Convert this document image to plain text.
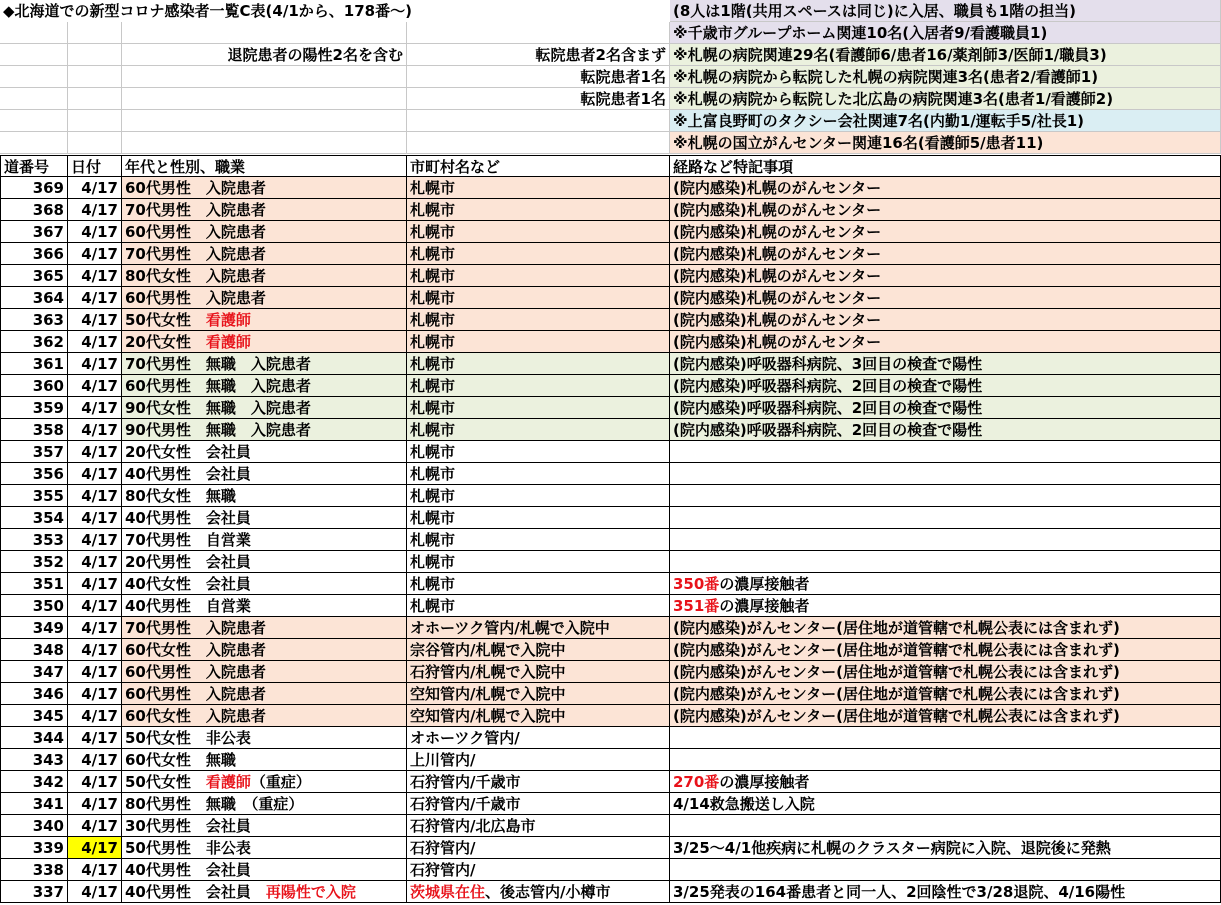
◆北海道での新型コロナ感染者一覧C表(4/1から、178番～)	(8人は1階(共用スペースは同じ)に入居、職員も1階の担当)
※千歳市グループホーム関連10名(入居者9/看護職員1)
退院患者の陽性2名を含む	転院患者2名含まず ※札幌の病院関連29名(看護師6/患者16/薬剤師3/医師1/職員3)
転院患者1名 ※札幌の病院から転院した札幌の病院関連3名(患者2/看護師1)
転院患者1名 ※札幌の病院から転院した北広島の病院関連3名(患者1/看護師2)
※上富良野町のタクシー会社関連7名(内勤1/運転手5/社長1)
※札幌の国立がんセンター関連16名(看護師5/患者11)
道番号	日付	年代と性別、職業	市町村名など	経路など特記事項
369	4/17 60代男性　入院患者	札幌市	(院内感染)札幌のがんセンター
368	4/17 70代男性　入院患者	札幌市	(院内感染)札幌のがんセンター
367	4/17 60代男性　入院患者	札幌市	(院内感染)札幌のがんセンター
366	4/17 70代男性　入院患者	札幌市	(院内感染)札幌のがんセンター
365	4/17 80代女性　入院患者	札幌市	(院内感染)札幌のがんセンター
364	4/17 60代男性　入院患者	札幌市	(院内感染)札幌のがんセンター
363	4/17 50代女性　看護師	札幌市	(院内感染)札幌のがんセンター
362	4/17 20代女性　看護師	札幌市	(院内感染)札幌のがんセンター
361	4/17 70代男性　無職　入院患者	札幌市	(院内感染)呼吸器科病院、3回目の検査で陽性
360	4/17 60代男性　無職　入院患者	札幌市	(院内感染)呼吸器科病院、2回目の検査で陽性
359	4/17 90代女性　無職　入院患者	札幌市	(院内感染)呼吸器科病院、2回目の検査で陽性
358	4/17 90代男性　無職　入院患者	札幌市	(院内感染)呼吸器科病院、2回目の検査で陽性
357	4/17 20代女性　会社員	札幌市
356	4/17 40代男性　会社員	札幌市
355	4/17 80代女性　無職	札幌市
354	4/17 40代男性　会社員	札幌市
353	4/17 70代男性　自営業	札幌市
352	4/17 20代男性　会社員	札幌市
351	4/17 40代女性　会社員	札幌市	350番の濃厚接触者
350	4/17 40代男性　自営業	札幌市	351番の濃厚接触者
349	4/17 70代男性　入院患者	オホーツク管内/札幌で入院中	(院内感染)がんセンター(居住地が道管轄で札幌公表には含まれず)
348	4/17 60代女性　入院患者	宗谷管内/札幌で入院中	(院内感染)がんセンター(居住地が道管轄で札幌公表には含まれず)
347	4/17 60代男性　入院患者	石狩管内/札幌で入院中	(院内感染)がんセンター(居住地が道管轄で札幌公表には含まれず)
346	4/17 60代男性　入院患者	空知管内/札幌で入院中	(院内感染)がんセンター(居住地が道管轄で札幌公表には含まれず)
345	4/17 60代女性　入院患者	空知管内/札幌で入院中	(院内感染)がんセンター(居住地が道管轄で札幌公表には含まれず)
344	4/17 50代女性　非公表	オホーツク管内/
343	4/17 60代女性　無職	上川管内/
342	4/17 50代女性　看護師（重症）	石狩管内/千歳市	270番の濃厚接触者
341	4/17 80代男性　無職　（重症）	石狩管内/千歳市	4/14救急搬送し入院
340	4/17 30代男性　会社員	石狩管内/北広島市
339	4/17 50代男性　非公表	石狩管内/	3/25～4/1他疾病に札幌のクラスター病院に入院、退院後に発熱
338	4/17 40代男性　会社員	石狩管内/
337	4/17 40代男性　会社員　再陽性で入院	茨城県在住、後志管内/小樽市	3/25発表の164番患者と同一人、2回陰性で3/28退院、4/16陽性
